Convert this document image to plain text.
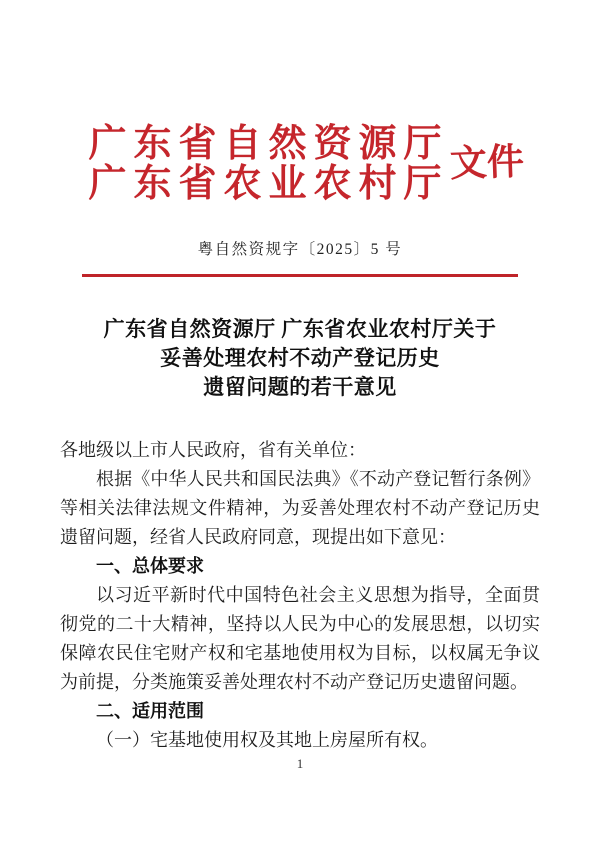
广东省自然资源厅
广东省农业农村厅 文件
粤自然资规字〔2025〕5 号
广东省自然资源厅 广东省农业农村厅关于
妥善处理农村不动产登记历史
遗留问题的若干意见

各地级以上市人民政府，省有关单位：

根据《中华人民共和国民法典》《不动产登记暂行条例》等相关法律法规文件精神，为妥善处理农村不动产登记历史遗留问题，经省人民政府同意，现提出如下意见：

一、总体要求

以习近平新时代中国特色社会主义思想为指导，全面贯彻党的二十大精神，坚持以人民为中心的发展思想，以切实保障农民住宅财产权和宅基地使用权为目标，以权属无争议为前提，分类施策妥善处理农村不动产登记历史遗留问题。

二、适用范围

（一）宅基地使用权及其地上房屋所有权。

1
